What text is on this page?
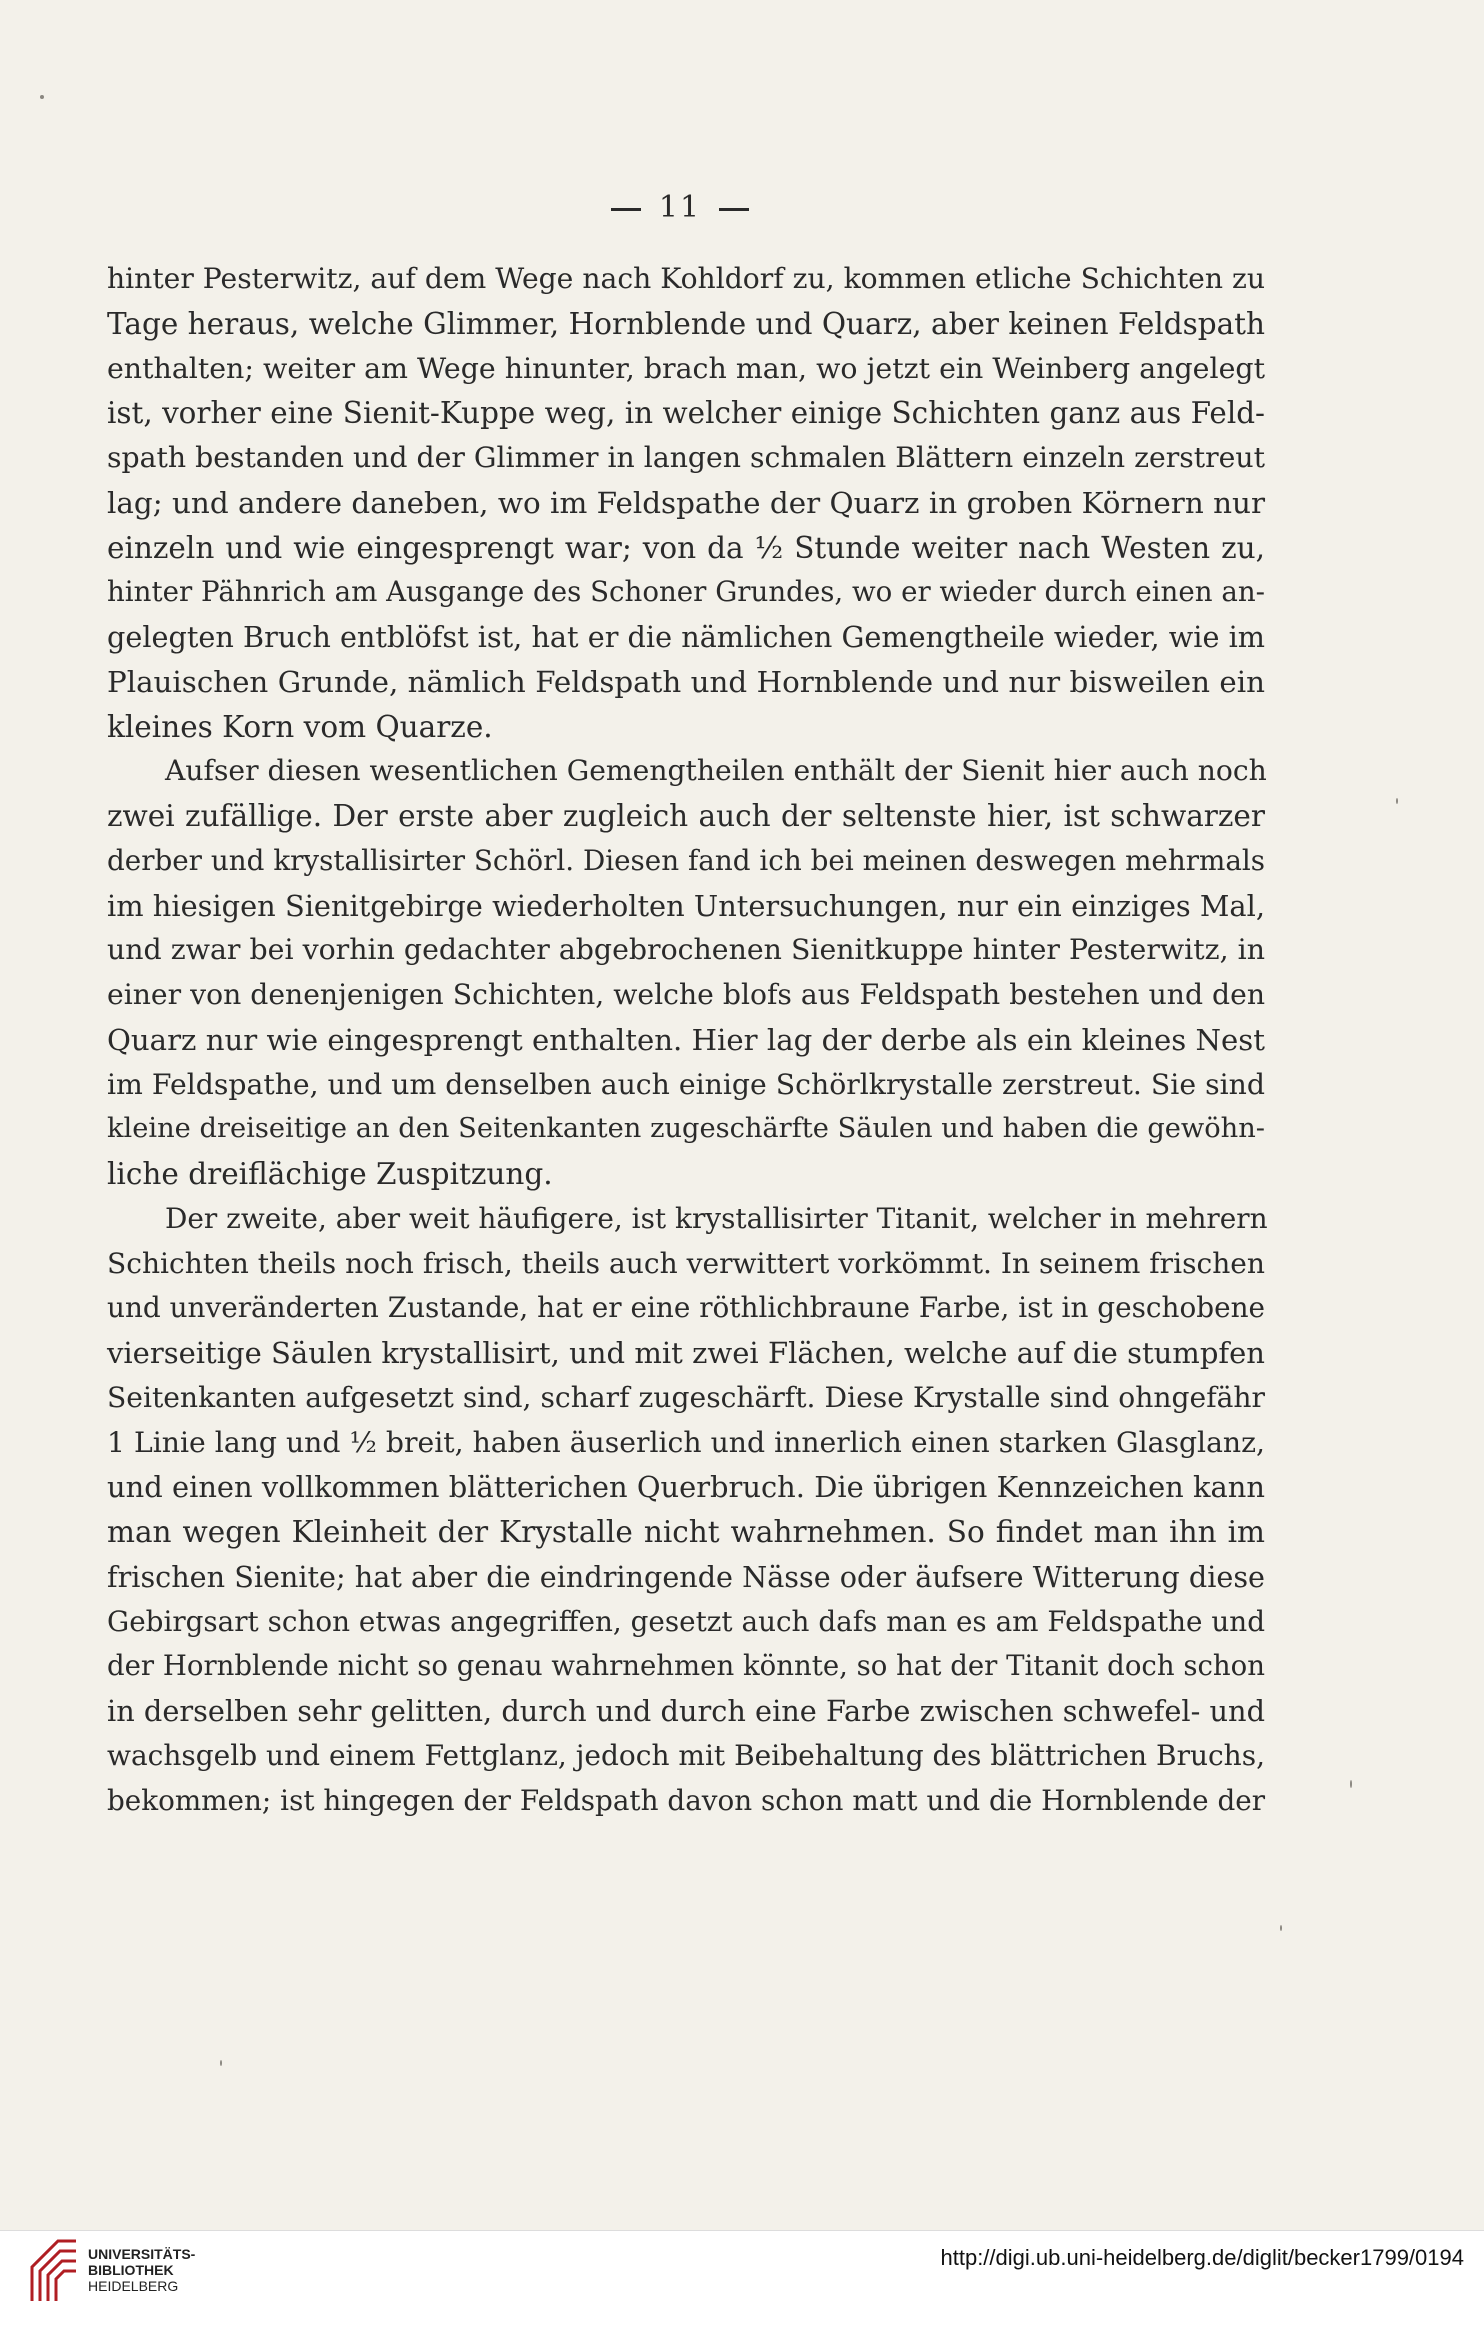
11
hinter Pesterwitz, auf dem Wege nach Kohldorf zu, kommen etliche Schichten zu
Tage heraus, welche Glimmer, Hornblende und Quarz, aber keinen Feldspath
enthalten; weiter am Wege hinunter, brach man, wo jetzt ein Weinberg angelegt
ist, vorher eine Sienit-Kuppe weg, in welcher einige Schichten ganz aus Feld-
spath bestanden und der Glimmer in langen schmalen Blättern einzeln zerstreut
lag; und andere daneben, wo im Feldspathe der Quarz in groben Körnern nur
einzeln und wie eingesprengt war; von da ½ Stunde weiter nach Westen zu,
hinter Pähnrich am Ausgange des Schoner Grundes, wo er wieder durch einen an-
gelegten Bruch entblöfst ist, hat er die nämlichen Gemengtheile wieder, wie im
Plauischen Grunde, nämlich Feldspath und Hornblende und nur bisweilen ein
kleines Korn vom Quarze.
Aufser diesen wesentlichen Gemengtheilen enthält der Sienit hier auch noch
zwei zufällige. Der erste aber zugleich auch der seltenste hier, ist schwarzer
derber und krystallisirter Schörl. Diesen fand ich bei meinen deswegen mehrmals
im hiesigen Sienitgebirge wiederholten Untersuchungen, nur ein einziges Mal,
und zwar bei vorhin gedachter abgebrochenen Sienitkuppe hinter Pesterwitz, in
einer von denenjenigen Schichten, welche blofs aus Feldspath bestehen und den
Quarz nur wie eingesprengt enthalten. Hier lag der derbe als ein kleines Nest
im Feldspathe, und um denselben auch einige Schörlkrystalle zerstreut. Sie sind
kleine dreiseitige an den Seitenkanten zugeschärfte Säulen und haben die gewöhn-
liche dreiflächige Zuspitzung.
Der zweite, aber weit häufigere, ist krystallisirter Titanit, welcher in mehrern
Schichten theils noch frisch, theils auch verwittert vorkömmt. In seinem frischen
und unveränderten Zustande, hat er eine röthlichbraune Farbe, ist in geschobene
vierseitige Säulen krystallisirt, und mit zwei Flächen, welche auf die stumpfen
Seitenkanten aufgesetzt sind, scharf zugeschärft. Diese Krystalle sind ohngefähr
1 Linie lang und ½ breit, haben äuserlich und innerlich einen starken Glasglanz,
und einen vollkommen blätterichen Querbruch. Die übrigen Kennzeichen kann
man wegen Kleinheit der Krystalle nicht wahrnehmen. So findet man ihn im
frischen Sienite; hat aber die eindringende Nässe oder äufsere Witterung diese
Gebirgsart schon etwas angegriffen, gesetzt auch dafs man es am Feldspathe und
der Hornblende nicht so genau wahrnehmen könnte, so hat der Titanit doch schon
in derselben sehr gelitten, durch und durch eine Farbe zwischen schwefel- und
wachsgelb und einem Fettglanz, jedoch mit Beibehaltung des blättrichen Bruchs,
bekommen; ist hingegen der Feldspath davon schon matt und die Hornblende der
UNIVERSITÄTS-
BIBLIOTHEK
HEIDELBERG
http://digi.ub.uni-heidelberg.de/diglit/becker1799/0194
